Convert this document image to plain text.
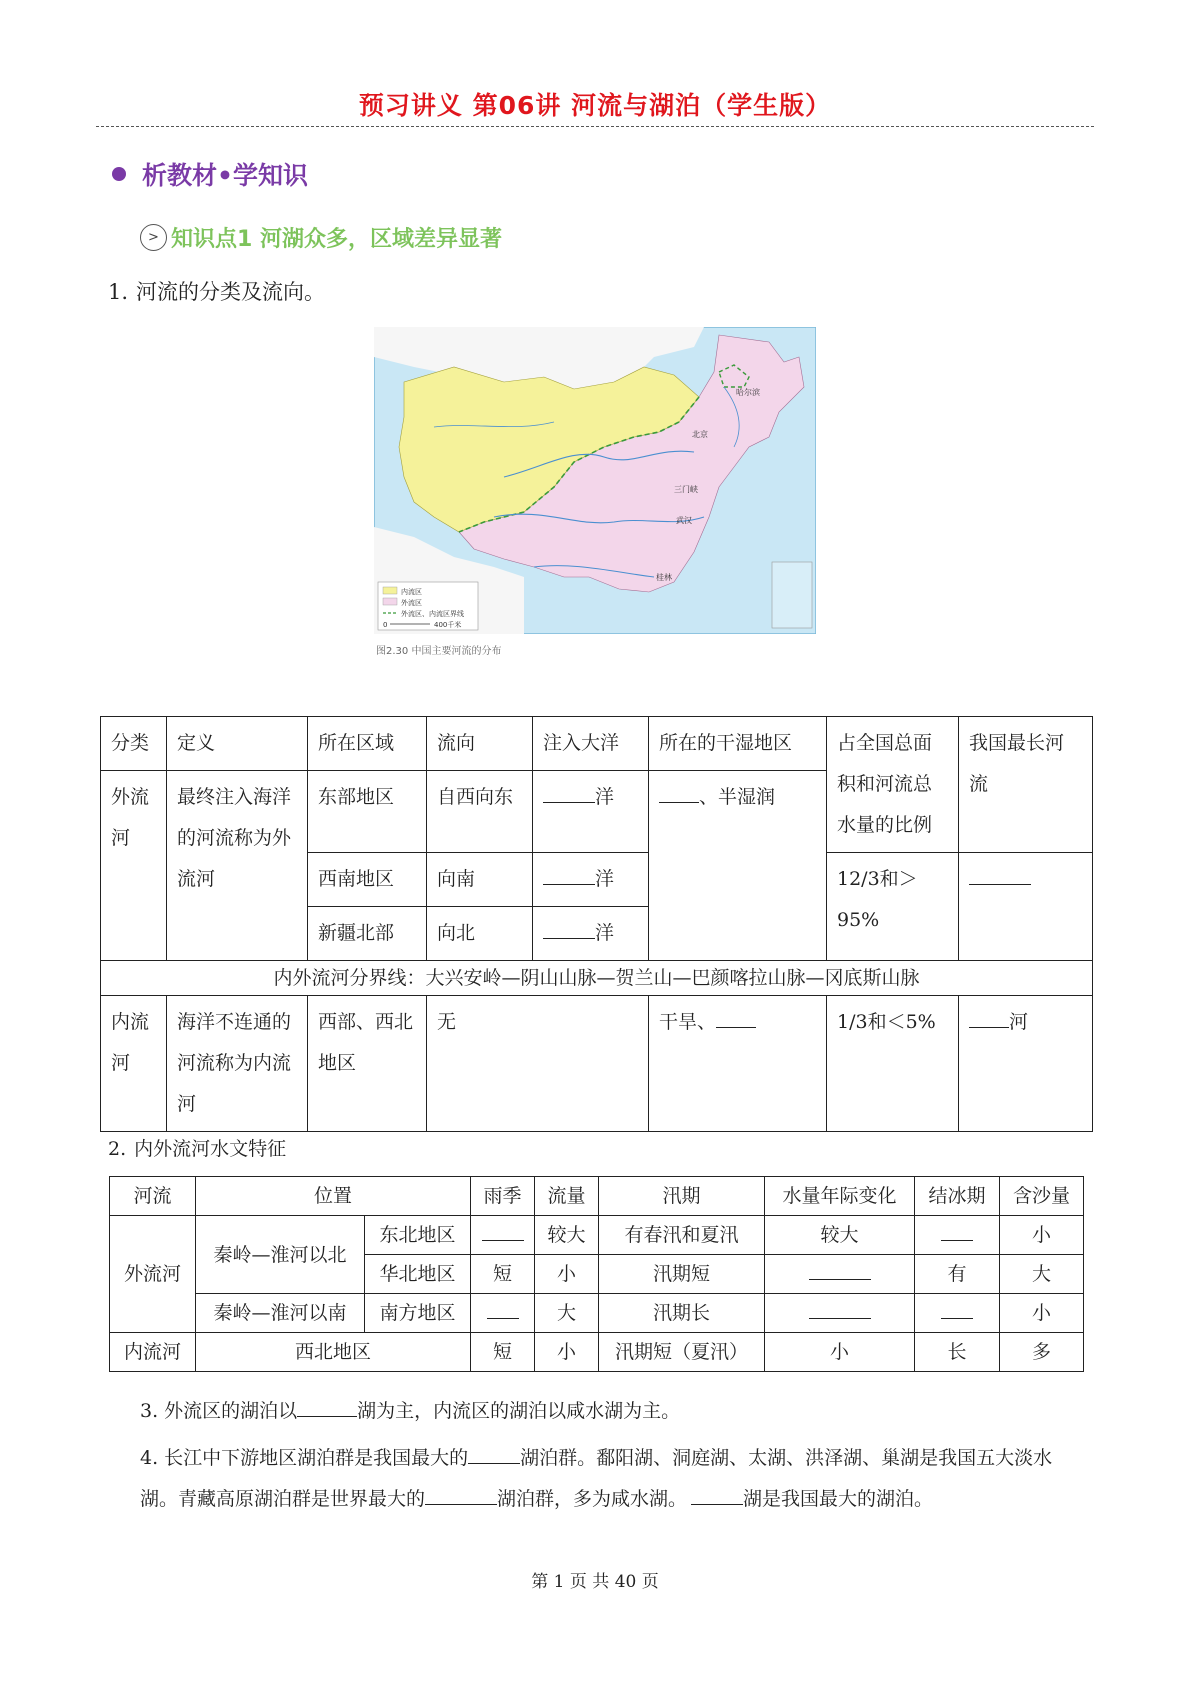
预习讲义 第06讲 河流与湖泊（学生版）
析教材•学知识
> 知识点1 河湖众多，区域差异显著
1. 河流的分类及流向。
哈尔滨
北京
三门峡
武汉
桂林
内流区
外流区
外流区、内流区界线
0	400千米
图2.30 中国主要河流的分布
分类	定义	所在区域	流向	注入大洋	所在的干湿地区	占全国总面积和河流总水量的比例	我国最长河流
外流河	最终注入海洋的河流称为外流河	东部地区	自西向东	洋	、半湿润		
		西南地区	向南	洋		12/3和＞95%	
		新疆北部	向北	洋			
内外流河分界线：大兴安岭—阴山山脉—贺兰山—巴颜喀拉山脉—冈底斯山脉							
内流河	海洋不连通的河流称为内流河	西部、西北地区	无		干旱、	1/3和＜5%	河
2. 内外流河水文特征
河流	位置		雨季	流量	汛期	水量年际变化	结冰期	含沙量
外流河	秦岭—淮河以北	东北地区		较大	有春汛和夏汛	较大		小
		华北地区	短	小	汛期短		有	大
	秦岭—淮河以南	南方地区		大	汛期长			小
内流河	西北地区		短	小	汛期短（夏汛）	小	长	多
3. 外流区的湖泊以	湖为主，内流区的湖泊以咸水湖为主。
4. 长江中下游地区湖泊群是我国最大的	湖泊群。鄱阳湖、洞庭湖、太湖、洪泽湖、巢湖是我国五大淡水湖。青藏高原湖泊群是世界最大的	湖泊群，多为咸水湖。	湖是我国最大的湖泊。
第 1 页 共 40 页
